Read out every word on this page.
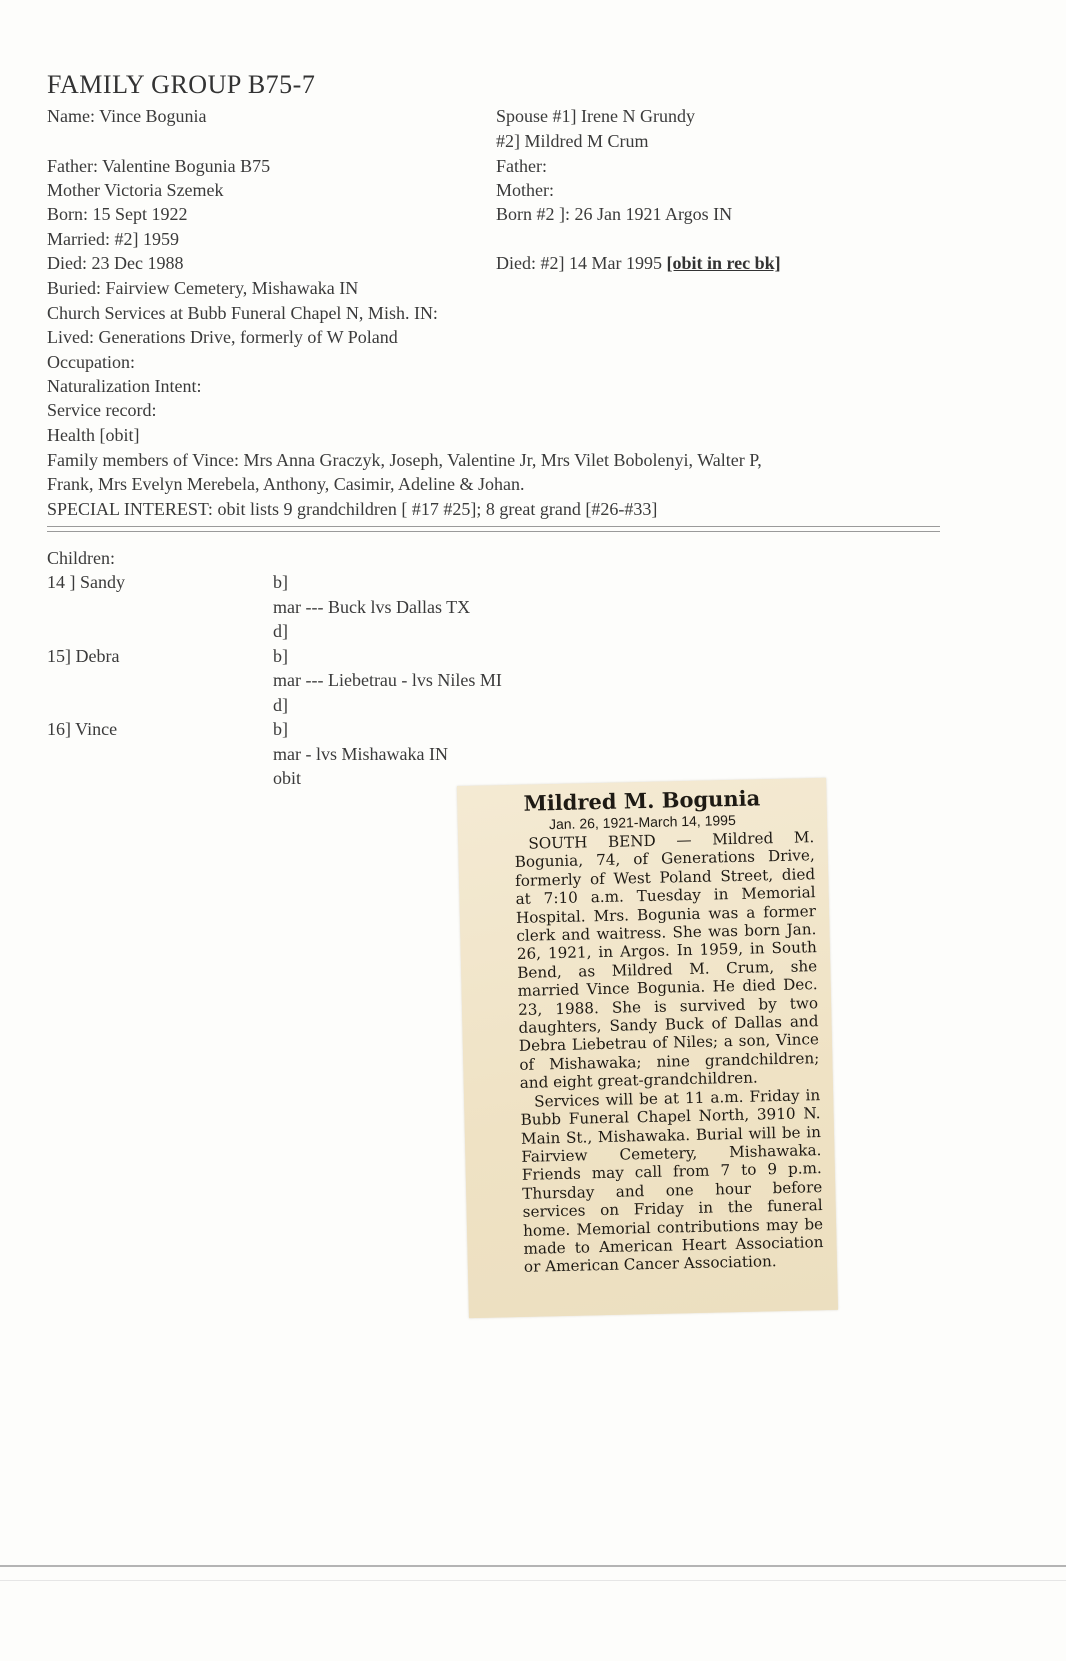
FAMILY GROUP B75-7
Name: Vince Bogunia
Father: Valentine Bogunia B75
Mother Victoria Szemek
Born: 15 Sept 1922
Married: #2] 1959
Died: 23 Dec 1988
Spouse #1] Irene N Grundy
#2] Mildred M Crum
Father:
Mother:
Born #2 ]: 26 Jan 1921 Argos IN
Died: #2] 14 Mar 1995 [obit in rec bk]
Buried: Fairview Cemetery, Mishawaka IN
Church Services at Bubb Funeral Chapel N, Mish. IN:
Lived: Generations Drive, formerly of W Poland
Occupation:
Naturalization Intent:
Service record:
Health [obit]
Family members of Vince: Mrs Anna Graczyk, Joseph, Valentine Jr, Mrs Vilet Bobolenyi, Walter P,
Frank, Mrs Evelyn Merebela, Anthony, Casimir, Adeline & Johan.
SPECIAL INTEREST: obit lists 9 grandchildren [ #17 #25]; 8 great grand [#26-#33]
Children:
14 ] Sandy	b]
mar --- Buck lvs Dallas TX
d]
15] Debra	b]
mar --- Liebetrau - lvs Niles MI
d]
16] Vince	b]
mar - lvs Mishawaka IN
obit
Mildred M. Bogunia
Jan. 26, 1921-March 14, 1995

SOUTH BEND — Mildred M. Bogunia, 74, of Generations Drive, formerly of West Poland Street, died at 7:10 a.m. Tuesday in Memorial Hospital. Mrs. Bogunia was a former clerk and waitress. She was born Jan. 26, 1921, in Argos. In 1959, in South Bend, as Mildred M. Crum, she married Vince Bogunia. He died Dec. 23, 1988. She is survived by two daughters, Sandy Buck of Dallas and Debra Liebetrau of Niles; a son, Vince of Mishawaka; nine grandchildren; and eight great-grandchildren.

Services will be at 11 a.m. Friday in Bubb Funeral Chapel North, 3910 N. Main St., Mishawaka. Burial will be in Fairview Cemetery, Mishawaka. Friends may call from 7 to 9 p.m. Thursday and one hour before services on Friday in the funeral home. Memorial contributions may be made to American Heart Association or American Cancer Association.
